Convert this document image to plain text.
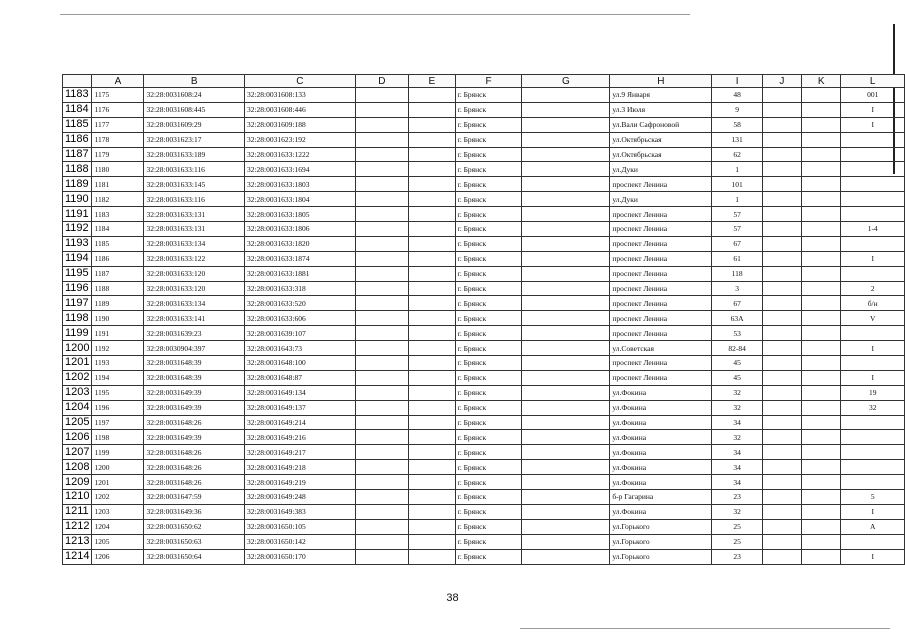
	A	B	C	D	E	F	G	H	I	J	K	L
1183	1175	32:28:0031608:24	32:28:0031608:133			г. Брянск		ул.9 Января	48			001
1184	1176	32:28:0031608:445	32:28:0031608:446			г. Брянск		ул.3 Июля	9			I
1185	1177	32:28:0031609:29	32:28:0031609:188			г. Брянск		ул.Вали Сафроновой	58			I
1186	1178	32:28:0031623:17	32:28:0031623:192			г. Брянск		ул.Октябрьская	131			
1187	1179	32:28:0031633:189	32:28:0031633:1222			г. Брянск		ул.Октябрьская	62			
1188	1180	32:28:0031633:116	32:28:0031633:1694			г. Брянск		ул.Дуки	1			
1189	1181	32:28:0031633:145	32:28:0031633:1803			г. Брянск		проспект Ленина	101			
1190	1182	32:28:0031633:116	32:28:0031633:1804			г. Брянск		ул.Дуки	1			
1191	1183	32:28:0031633:131	32:28:0031633:1805			г. Брянск		проспект Ленина	57			
1192	1184	32:28:0031633:131	32:28:0031633:1806			г. Брянск		проспект Ленина	57			1-4
1193	1185	32:28:0031633:134	32:28:0031633:1820			г. Брянск		проспект Ленина	67			
1194	1186	32:28:0031633:122	32:28:0031633:1874			г. Брянск		проспект Ленина	61			I
1195	1187	32:28:0031633:120	32:28:0031633:1881			г. Брянск		проспект Ленина	118			
1196	1188	32:28:0031633:120	32:28:0031633:318			г. Брянск		проспект Ленина	3			2
1197	1189	32:28:0031633:134	32:28:0031633:520			г. Брянск		проспект Ленина	67			б/н
1198	1190	32:28:0031633:141	32:28:0031633:606			г. Брянск		проспект Ленина	63А			V
1199	1191	32:28:0031639:23	32:28:0031639:107			г. Брянск		проспект Ленина	53			
1200	1192	32:28:0030904:397	32:28:0031643:73			г. Брянск		ул.Советская	82-84			I
1201	1193	32:28:0031648:39	32:28:0031648:100			г. Брянск		проспект Ленина	45			
1202	1194	32:28:0031648:39	32:28:0031648:87			г. Брянск		проспект Ленина	45			I
1203	1195	32:28:0031649:39	32:28:0031649:134			г. Брянск		ул.Фокина	32			19
1204	1196	32:28:0031649:39	32:28:0031649:137			г. Брянск		ул.Фокина	32			32
1205	1197	32:28:0031648:26	32:28:0031649:214			г. Брянск		ул.Фокина	34			
1206	1198	32:28:0031649:39	32:28:0031649:216			г. Брянск		ул.Фокина	32			
1207	1199	32:28:0031648:26	32:28:0031649:217			г. Брянск		ул.Фокина	34			
1208	1200	32:28:0031648:26	32:28:0031649:218			г. Брянск		ул.Фокина	34			
1209	1201	32:28:0031648:26	32:28:0031649:219			г. Брянск		ул.Фокина	34			
1210	1202	32:28:0031647:59	32:28:0031649:248			г. Брянск		б-р Гагарина	23			5
1211	1203	32:28:0031649:36	32:28:0031649:383			г. Брянск		ул.Фокина	32			I
1212	1204	32:28:0031650:62	32:28:0031650:105			г. Брянск		ул.Горького	25			А
1213	1205	32:28:0031650:63	32:28:0031650:142			г. Брянск		ул.Горького	25			
1214	1206	32:28:0031650:64	32:28:0031650:170			г. Брянск		ул.Горького	23			I
38
